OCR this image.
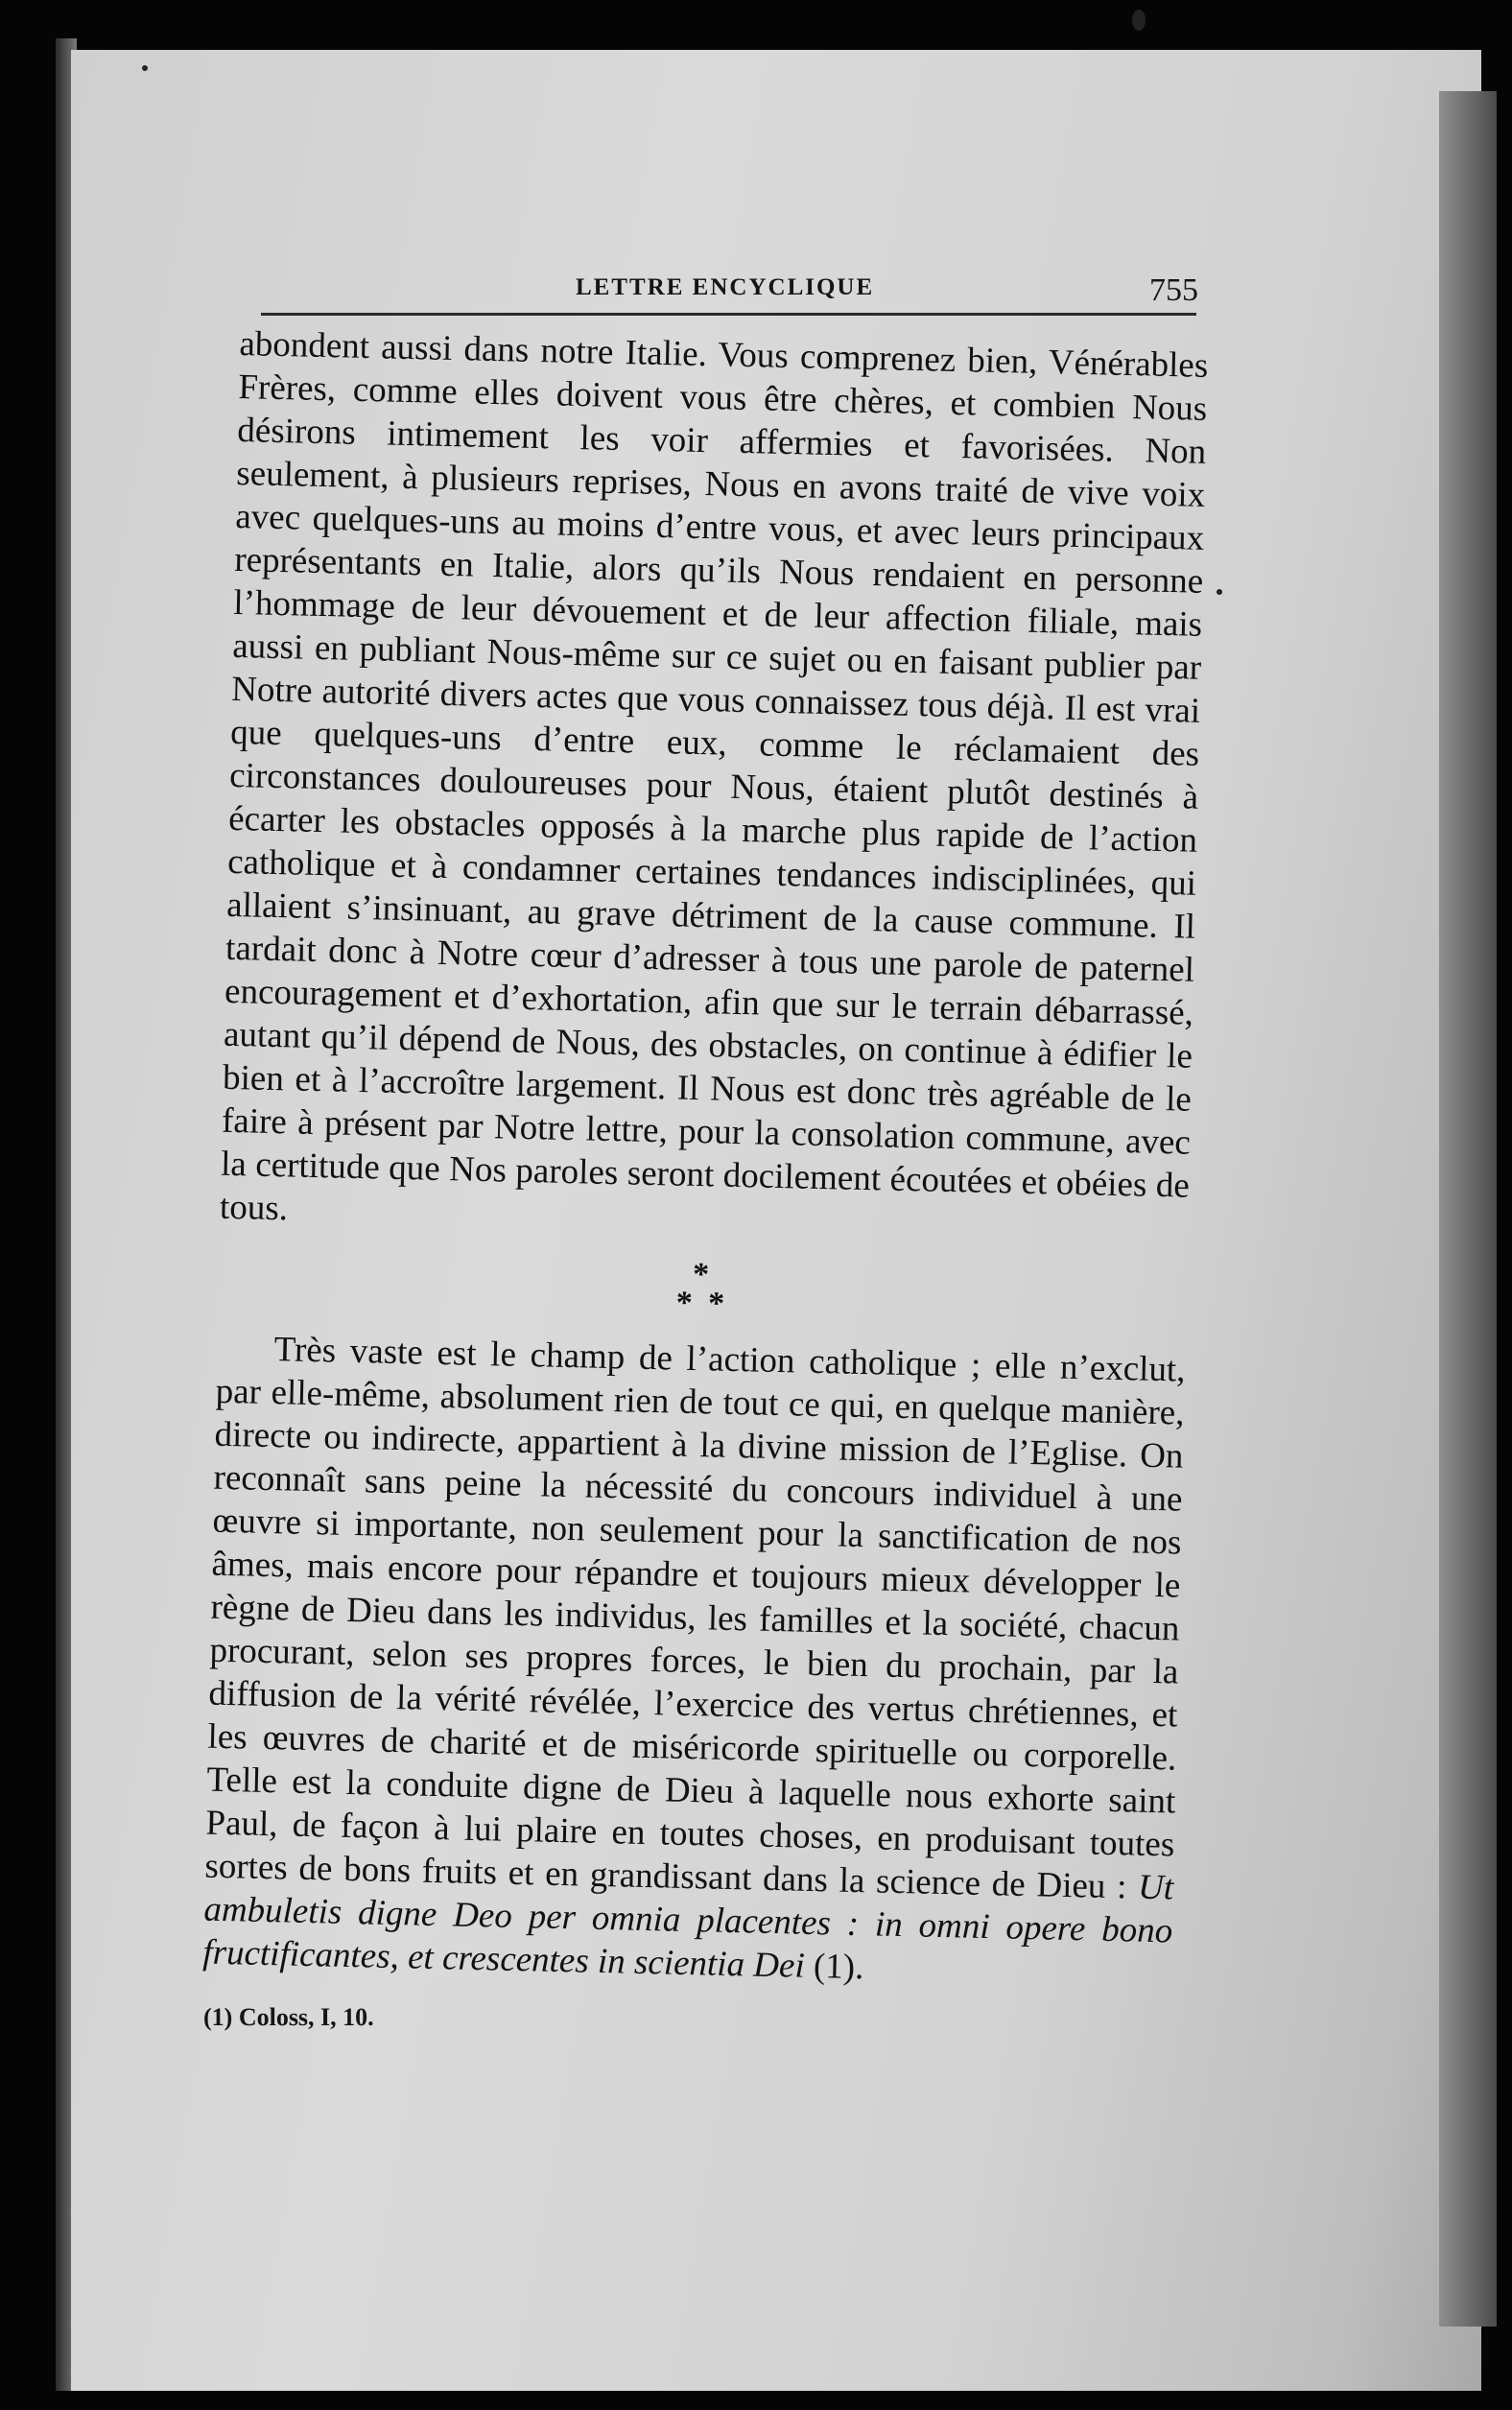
LETTRE ENCYCLIQUE	755

abondent aussi dans notre Italie. Vous comprenez bien, Vénérables Frères, comme elles doivent vous être chères, et combien Nous désirons intimement les voir affermies et favorisées. Non seulement, à plusieurs reprises, Nous en avons traité de vive voix avec quelques-uns au moins d’entre vous, et avec leurs principaux représentants en Italie, alors qu’ils Nous rendaient en personne l’hommage de leur dévouement et de leur affection filiale, mais aussi en publiant Nous-même sur ce sujet ou en faisant publier par Notre autorité divers actes que vous connaissez tous déjà. Il est vrai que quelques-uns d’entre eux, comme le réclamaient des circonstances douloureuses pour Nous, étaient plutôt destinés à écarter les obstacles opposés à la marche plus rapide de l’action catholique et à condamner certaines tendances indisciplinées, qui allaient s’insinuant, au grave détriment de la cause commune. Il tardait donc à Notre cœur d’adresser à tous une parole de paternel encouragement et d’exhortation, afin que sur le terrain débarrassé, autant qu’il dépend de Nous, des obstacles, on continue à édifier le bien et à l’accroître largement. Il Nous est donc très agréable de le faire à présent par Notre lettre, pour la consolation commune, avec la certitude que Nos paroles seront docilement écoutées et obéies de tous.

*
* *

Très vaste est le champ de l’action catholique ; elle n’exclut, par elle-même, absolument rien de tout ce qui, en quelque manière, directe ou indirecte, appartient à la divine mission de l’Eglise. On reconnaît sans peine la nécessité du concours individuel à une œuvre si importante, non seulement pour la sanctification de nos âmes, mais encore pour répandre et toujours mieux développer le règne de Dieu dans les individus, les familles et la société, chacun procurant, selon ses propres forces, le bien du prochain, par la diffusion de la vérité révélée, l’exercice des vertus chrétiennes, et les œuvres de charité et de miséricorde spirituelle ou corporelle. Telle est la conduite digne de Dieu à laquelle nous exhorte saint Paul, de façon à lui plaire en toutes choses, en produisant toutes sortes de bons fruits et en grandissant dans la science de Dieu : Ut ambuletis digne Deo per omnia placentes : in omni opere bono fructificantes, et crescentes in scientia Dei (1).

(1) Coloss, I, 10.
